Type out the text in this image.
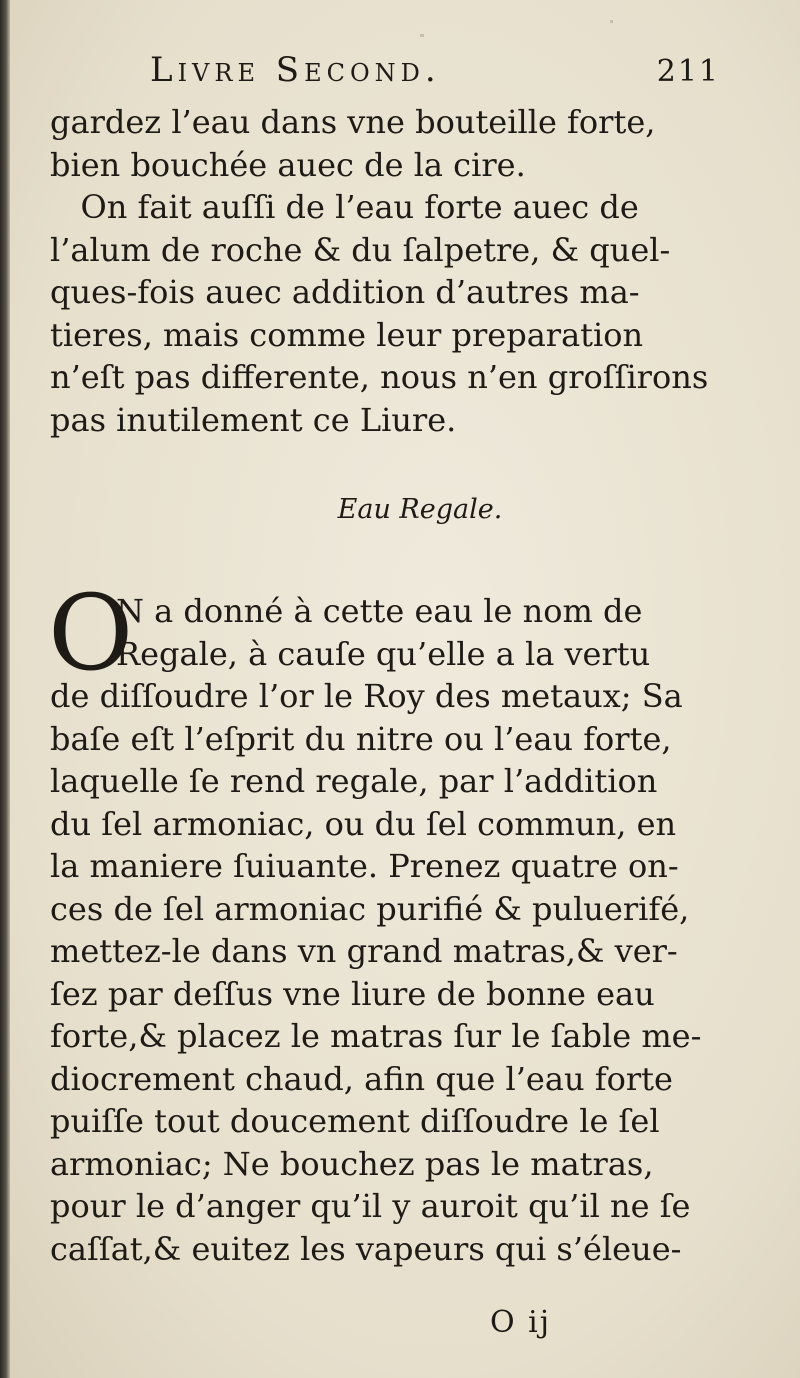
Livre Second.	211
gardez l’eau dans vne bouteille forte,
bien bouchée auec de la cire.
On fait auſſi de l’eau forte auec de
l’alum de roche & du ſalpetre, & quel-
ques-fois auec addition d’autres ma-
tieres, mais comme leur preparation
n’eſt pas differente, nous n’en groſſirons
pas inutilement ce Liure.
Eau Regale.
O
N a donné à cette eau le nom de
Regale, à cauſe qu’elle a la vertu
de diſſoudre l’or le Roy des metaux; Sa
baſe eſt l’eſprit du nitre ou l’eau forte,
laquelle ſe rend regale, par l’addition
du ſel armoniac, ou du ſel commun, en
la maniere ſuiuante. Prenez quatre on-
ces de ſel armoniac purifié & puluerifé,
mettez-le dans vn grand matras,& ver-
ſez par deſſus vne liure de bonne eau
forte,& placez le matras ſur le ſable me-
diocrement chaud, afin que l’eau forte
puiſſe tout doucement diſſoudre le ſel
armoniac; Ne bouchez pas le matras,
pour le d’anger qu’il y auroit qu’il ne ſe
caſſat,& euitez les vapeurs qui s’éleue-
O ij
